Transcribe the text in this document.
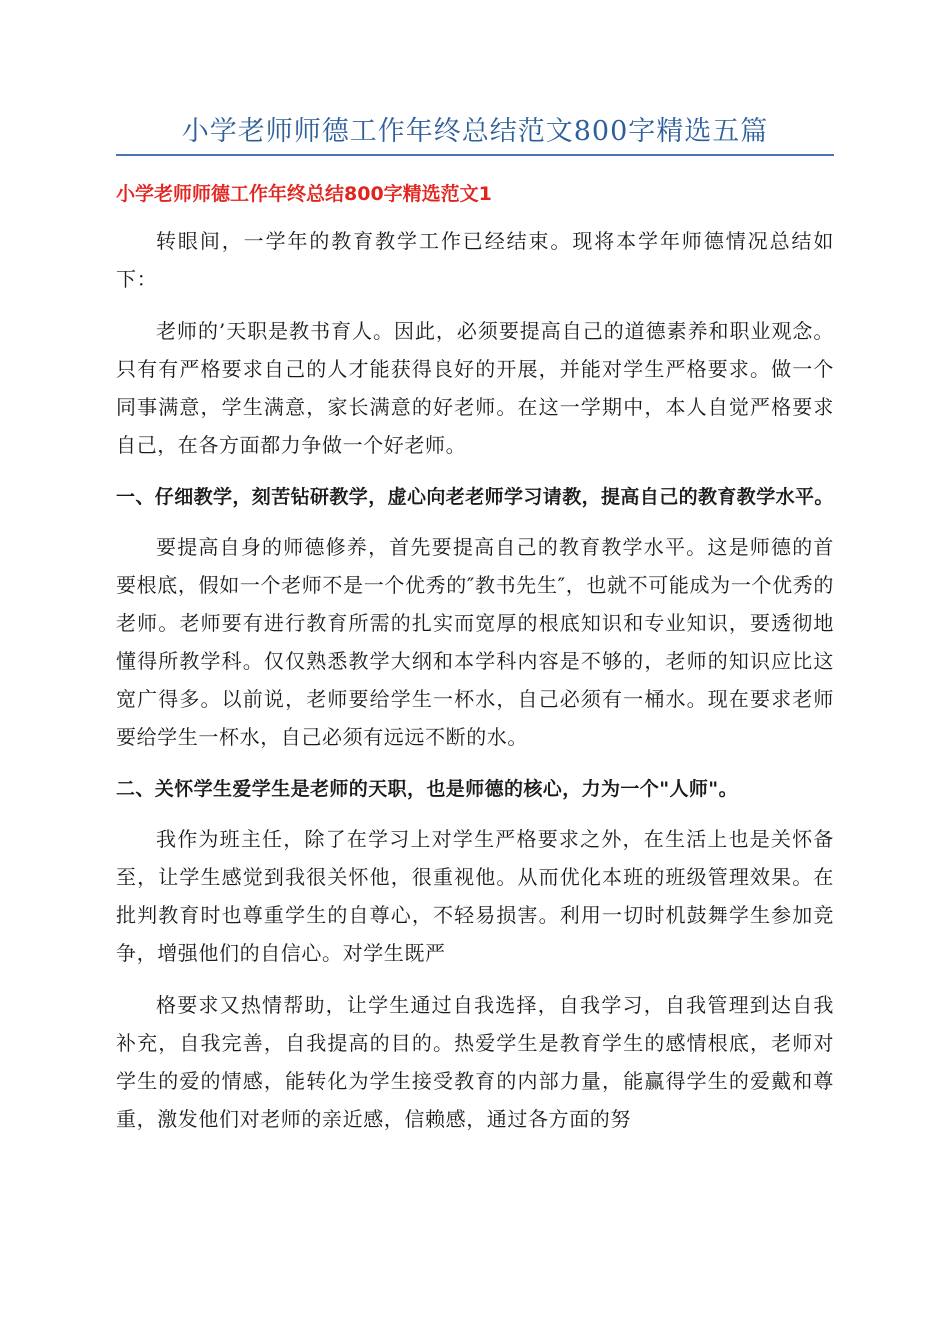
小学老师师德工作年终总结范文800字精选五篇
小学老师师德工作年终总结800字精选范文1

转眼间，一学年的教育教学工作已经结束。现将本学年师德情况总结如下：

老师的’天职是教书育人。因此，必须要提高自己的道德素养和职业观念。只有有严格要求自己的人才能获得良好的开展，并能对学生严格要求。做一个同事满意，学生满意，家长满意的好老师。在这一学期中，本人自觉严格要求自己，在各方面都力争做一个好老师。

一、仔细教学，刻苦钻研教学，虚心向老老师学习请教，提高自己的教育教学水平。

要提高自身的师德修养，首先要提高自己的教育教学水平。这是师德的首要根底，假如一个老师不是一个优秀的″教书先生″，也就不可能成为一个优秀的老师。老师要有进行教育所需的扎实而宽厚的根底知识和专业知识，要透彻地懂得所教学科。仅仅熟悉教学大纲和本学科内容是不够的，老师的知识应比这宽广得多。以前说，老师要给学生一杯水，自己必须有一桶水。现在要求老师要给学生一杯水，自己必须有远远不断的水。

二、关怀学生爱学生是老师的天职，也是师德的核心，力为一个"人师"。

我作为班主任，除了在学习上对学生严格要求之外，在生活上也是关怀备至，让学生感觉到我很关怀他，很重视他。从而优化本班的班级管理效果。在批判教育时也尊重学生的自尊心，不轻易损害。利用一切时机鼓舞学生参加竞争，增强他们的自信心。对学生既严

格要求又热情帮助，让学生通过自我选择，自我学习，自我管理到达自我补充，自我完善，自我提高的目的。热爱学生是教育学生的感情根底，老师对学生的爱的情感，能转化为学生接受教育的内部力量，能赢得学生的爱戴和尊重，激发他们对老师的亲近感，信赖感，通过各方面的努
